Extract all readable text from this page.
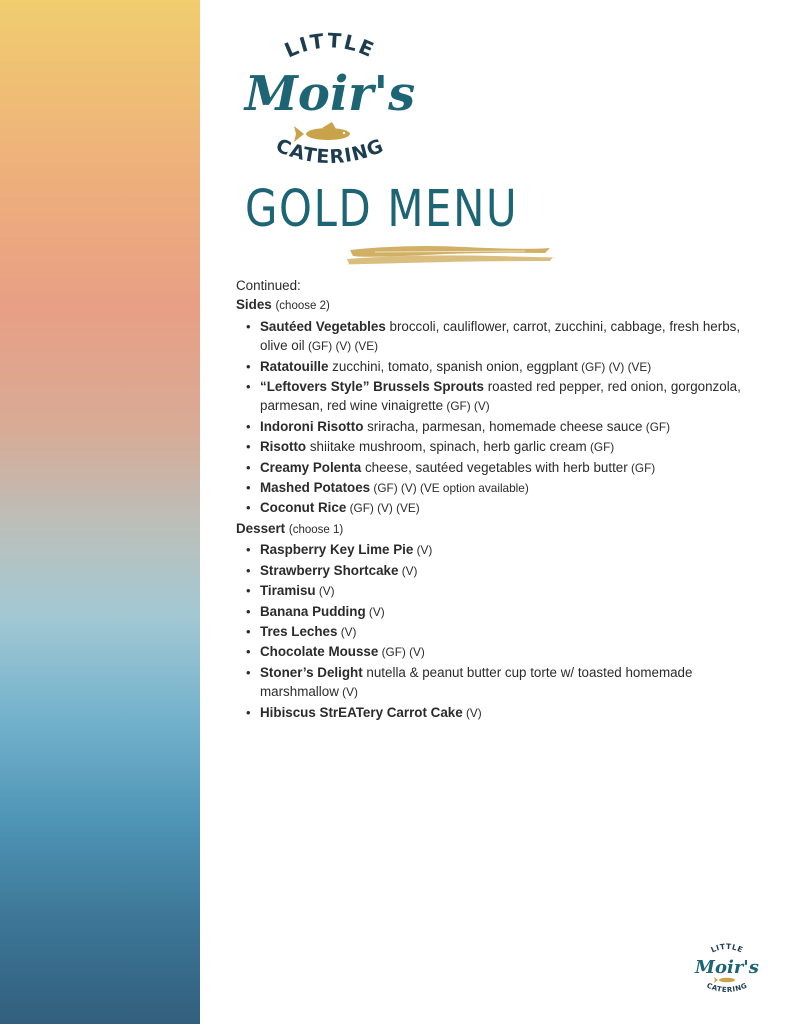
LITTLE
Moir's
CATERING
GOLD MENU
Continued:
Sides (choose 2)
• Sautéed Vegetables broccoli, cauliflower, carrot, zucchini, cabbage, fresh herbs, olive oil (GF) (V) (VE)
• Ratatouille zucchini, tomato, spanish onion, eggplant (GF) (V) (VE)
• “Leftovers Style” Brussels Sprouts roasted red pepper, red onion, gorgonzola, parmesan, red wine vinaigrette (GF) (V)
• Indoroni Risotto sriracha, parmesan, homemade cheese sauce (GF)
• Risotto shiitake mushroom, spinach, herb garlic cream (GF)
• Creamy Polenta cheese, sautéed vegetables with herb butter (GF)
• Mashed Potatoes (GF) (V) (VE option available)
• Coconut Rice (GF) (V) (VE)
Dessert (choose 1)
• Raspberry Key Lime Pie (V)
• Strawberry Shortcake (V)
• Tiramisu (V)
• Banana Pudding (V)
• Tres Leches (V)
• Chocolate Mousse (GF) (V)
• Stoner’s Delight nutella & peanut butter cup torte w/ toasted homemade marshmallow (V)
• Hibiscus StrEATery Carrot Cake (V)
LITTLE
Moir's
CATERING
